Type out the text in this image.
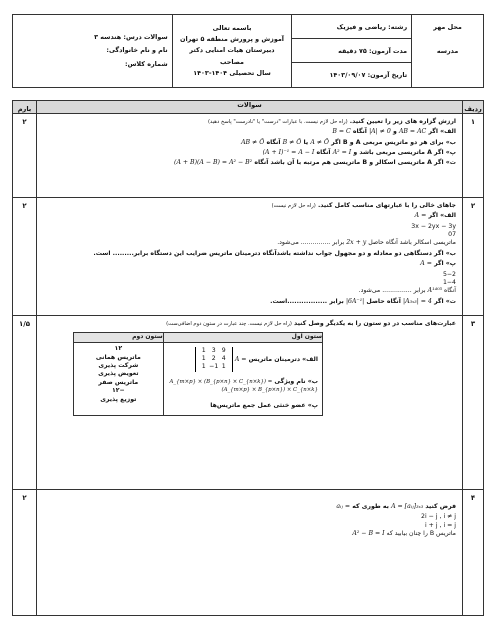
سوالات درس: هندسه ۳
نام و نام خانوادگی:
شماره کلاس:

باسمه تعالی
آموزش و پرورش منطقه ۵ تهران
دبیرستان هیات امنایی دکتر مصاحب
سال تحصیلی ۱۴۰۴-۱۴۰۳

رشته: ریاضی و فیزیک
مدت آزمون: ۷۵ دقیقه
تاریخ آزمون: ۱۴۰۳/۰۹/۰۷

محل مهر
مدرسه
بارم	سوالات	ردیف
۲	ارزش گزاره های زیر را تعیین کنید. (راه حل لازم نیست. با عبارات "درست" یا "نادرست" پاسخ دهید)

الف» اگر AB = AC و |A| ≠ 0 آنگاه B = C

ب» برای هر دو ماتریس مربعی A و B اگر A ≠ Ō یا B ≠ Ō آنگاه AB ≠ Ō

پ» اگر A ماتریسی مربعی باشد و A² = I آنگاه (A + I)⁻¹ = A − I

ت» اگر A ماتریسی اسکالر و B ماتریسی هم مرتبه با آن باشد آنگاه (A + B)(A − B) = A² − B²

	۱
۲	جاهای خالی را با عبارتهای مناسب کامل کنید. (راه حل لازم نیست)

الف» اگر A =

3x − 2yx − 3y
07
ماتریسی اسکالر باشد آنگاه حاصل 2x + y برابر ............... می‌شود.

ب» اگر دستگاهی دو معادله و دو مجهول جواب نداشته باشدآنگاه دترمینان ماتریس ضرایب این دستگاه برابر......... است.

پ» اگر A =

5−2
1−4
آنگاه A¹⁴⁰³ برابر ............... می‌شود.

ت» اگر |A₃ₓ₃| = 4 آنگاه حاصل |6A⁻¹| برابر .................است.

	۲
۱/۵	عبارت‌های مناسب در دو ستون را به یکدیگر وصل کنید (راه حل لازم نیست. چند عبارت در ستون دوم اضافی‌ست)

ستون اول	ستون دوم

الف» دترمینان ماتریس A =
1 3 9
1 2 4
1 −1 1
ب» نام ویژگی A_{m×p} × (B_{p×n} × C_{n×k}) = (A_{m×p} × B_{p×n}) × C_{n×k}
پ» عضو خنثی عمل جمع ماتریس‌ها

۱۲
ماتریس همانی
شرکت پذیری
تعویض پذیری
ماتریس صفر
−۱۲
توزیع پذیری
	۳
۲	

فرض کنید A = [aᵢⱼ]₃ₓ₃ به طوری که aᵢⱼ =

2i − j , i ≠ j
i + j , i = j
ماتریس B را چنان بیابید که A² − B = I

	۴
